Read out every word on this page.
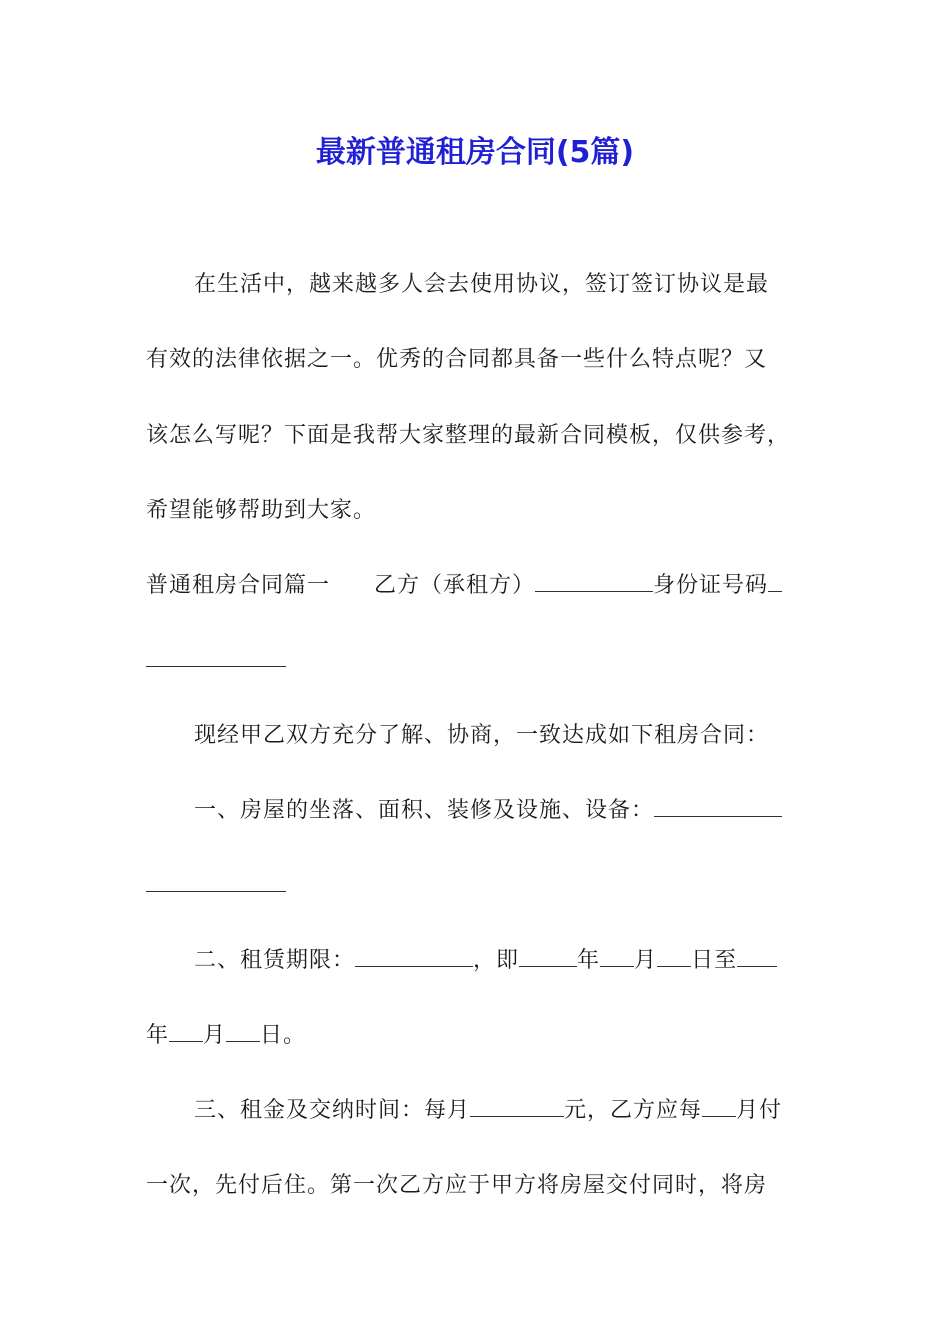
最新普通租房合同(5篇)
在生活中，越来越多人会去使用协议，签订签订协议是最
有效的法律依据之一。优秀的合同都具备一些什么特点呢？又
该怎么写呢？下面是我帮大家整理的最新合同模板，仅供参考，
希望能够帮助到大家。
普通租房合同篇一 乙方（承租方）	身份证号码
现经甲乙双方充分了解、协商，一致达成如下租房合同：
一、房屋的坐落、面积、装修及设施、设备：
二、租赁期限：	，即	年 月 日至
年 月 日。
三、租金及交纳时间：每月	元，乙方应每 月付
一次，先付后住。第一次乙方应于甲方将房屋交付同时，将房
